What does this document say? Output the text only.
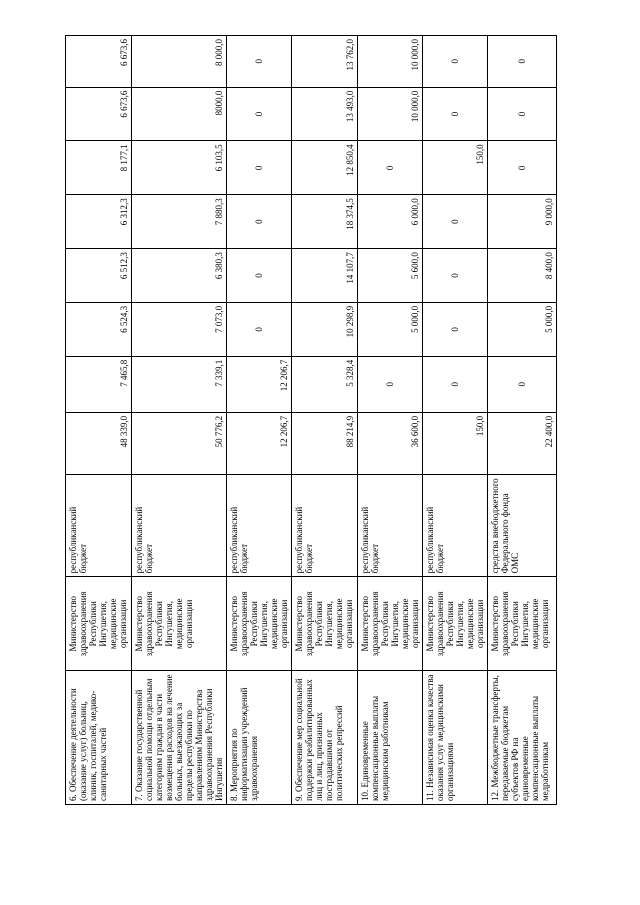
6. Обеспечение деятельности (оказание услуг) больниц, клиник, госпиталей, медико-санитарных частей	Министерство здравоохранения Республики Ингушетия, медицинские организации	республиканский бюджет	48 339,0	7 465,8	6 524,3	6 512,3	6 312,3	8 177,1	6 673,6	6 673,6
7. Оказание государственной социальной помощи отдельным категориям граждан в части возмещения расходов на лечение больных, выезжающих за пределы республики по направлениям Министерства здравоохранения Республики Ингушетия	Министерство здравоохранения Республики Ингушетия, медицинские организации	республиканский бюджет	50 776,2	7 339,1	7 073,0	6 380,3	7 880,3	6 103,5	8000,0	8 000,0
8. Мероприятия по информатизации учреждений здравоохранения	Министерство здравоохранения Республики Ингушетия, медицинские организации	республиканский бюджет	12 206,7	12 206,7	0	0	0	0	0	0
9. Обеспечение мер социальной поддержки реабилитированных лиц и лиц, признанных пострадавшими от политических репрессий	Министерство здравоохранения Республики Ингушетия, медицинские организации	республиканский бюджет	88 214,9	5 328,4	10 298,9	14 107,7	18 374,5	12 850,4	13 493,0	13 762,0
10. Единовременные компенсационные выплаты медицинским работникам	Министерство здравоохранения Республики Ингушетия, медицинские организации	республиканский бюджет	36 600,0	0	5 000,0	5 600,0	6 000,0	0	10 000,0	10 000,0
11. Независимая оценка качества оказания услуг медицинскими организациями	Министерство здравоохранения Республики Ингушетия, медицинские организации	республиканский бюджет	150,0	0	0	0	0	150,0	0	0
12. Межбюджетные трансферты, передаваемые бюджетам субъектов РФ на единовременные компенсационные выплаты медработникам	Министерство здравоохранения Республики Ингушетия, медицинские организации	средства внебюджетного Федерального фонда ОМС	22 400,0	0	5 000,0	8 400,0	9 000,0	0	0	0
